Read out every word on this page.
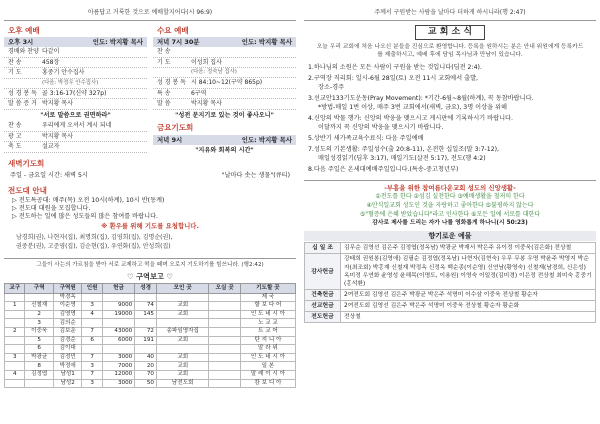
아름답고 거룩한 것으로 예배할지어다(시 96:9)
오후 예배
오후 3시	인도: 박지황 목사
경배와 찬양 다같이
찬 송	458장
기 도	홍중기 안수집사
(다음: 박정우 안수집사)
성 경 봉 독 골 3:16-17(신약 327p)
말 씀 증 거 박지황 목사
"서로 말씀으로 권면하라"
찬 송	우리에게 오셔서 계시 되네
광 고	박지황 목사
축 도	설교자
수요 예배
저녁 7시 30분	인도: 박지황 목사
찬 송
기 도	이성희 집사
(다음: 정숙남 집사)
성 경 봉 독 시 84:10~12(구약 865p)
특 송	6구역
말 씀	박지황 목사
"성전 문지기로 있는 것이 좋사오니"
금요기도회
저녁 9시	인도: 박지황 목사
"지유와 회복의 시간"
새벽기도회
주일 - 금요일 시간: 새벽 5시	"날마다 솟는 생물"(큐티)
전도대 안내
▷ 전도특공대: 매주(목) 오전 10시(하계), 10시 반(동계)
▷ 전도대 대원을 모집합니다.
▷ 전도하는 일에 많은 성도들의 많은 참여를 바랍니다.
※ 환우를 위해 기도를 요청합니다.
남경희(권), 나현자(집), 최명희(집), 김영희(집), 김명순(권),
권중분(권), 고준영(집), 김순현(집), 우연화(집), 안성희(집)
그들이 사는의 가르침을 받아 서로 교제하고 떡을 떼며 오로지 기도하기를 힘쓰니라. (행2:42)
♡ 구역보고 ♡
교구	구역	구역원	인원	헌금	성경	모인 곳	오실 곳	기도할 곳
		박경옥						제 국
1	신철재	이순영	3	9000	74	교회		할 보 다 어
	2	김영명	4	19000	145	교회		인 도 네 시 아
	3	김의순						노 교 교
2	이중욱	김보운	7	43000	72	송파임영자집		트 교 어
	5	김경순	6	6000	191	교회		탄 지 니 아
	6	김이대						말 라 위
3	박광균	김정민	7	3000	40	교회		인 도 네 시 아
	8	박정애	3	7000	20	교회		일 본
4	김정엽	남성1	7	12000	70	교회		말 레 이 시 아
		남성2	3	3000	50	남전도회		캄 보 디 아
주께서 구원받는 사람을 날마다 더하게 하시니라(행 2:47)
교 회 소 식
오늘 우리 교회에 처음 나오신 분들을 진심으로 환영합니다. 등록을 원하시는 분은 안내 위원에게 등록카드를 제출하시고, 예배 후에 담임 목사님과 만남이 있습니다.
1.하나님의 소원은 모든 사람이 구원을 받는 것입니다(딤전 2:4).
2.구역장 직리회: 일시-6월 28일(토) 오전 11시 교회에서 출발,
장소-경주
3.선교안133기도운동(Pray Movement): *기간-6월~8월(하계), 꼭 동참바랍니다.
*방법-매일 1번 이상, 매주 3번 교회에서(새벽, 금요), 3명 이상을 위해
4.신앙의 박물 행가: 신앙의 박웅을 맺으시고 게시판에 기록하시기 바랍니다.
이달까지 꼭 신앙의 박웅을 맺으시기 바랍니다.
5.상반기 새가족교육수료식: 다음 주일예배
7.성도의 기본생활: 주일성수(출 20:8-11), 온전한 십일조(말 3:7-12),
매일성경읽기(딤후 3:17), 매일기도(살전 5:17), 전도(행 4:2)
8.다음 주일은 온세대예배주일입니다.(특송-중고청년부)
-부흥을 위한 참여름다운교회 성도의 신앙생활-
①전도를 한다 ②섬김 실천한다 ③예배생활을 철저히 한다
④안식일교회 성도인 것을 자랑하고 좋아한다 ⑤불평하지 않는다
⑤"혈증에 은혜 받았습니다"라고 인사한다 ⑥모든 일에 서로를 대한다
감사로 제사를 드리는 자가 나를 영화롭게 하나니(시 50:23)
향기로운 예물
십 일 조	김무순 김영선 김은주 김정엽(정옥남) 박광균 박재서 박은주 유이정 이중욱(김은화) 전상철
감사헌금	강태희 권원봉(김영애) 김필순 김정엽(정옥남) 나현자(김현숙) 우무 무봉 우명 박윤주 박영지 박순자(최조회) 박홍재 신철재 박정옥 신정옥 백순종(이순영) 신연남(황영숙) 신철재(남경희, 신은성) 옥미정 우연화 윤영성 윤해목(이명도, 이용원) 이영숙 이일정(김미경) 이은정 전상철 최미숙 홍중기(홍석환)
건축헌금	2여전도회 김영선 김은주 박광균 박은주 석명미 이수삼 이중욱 전상철 황순자
선교헌금	2여전도회 김영선 김은주 박은주 석명미 이중욱 전상철 황순자 황순화
전도헌금	전상철
